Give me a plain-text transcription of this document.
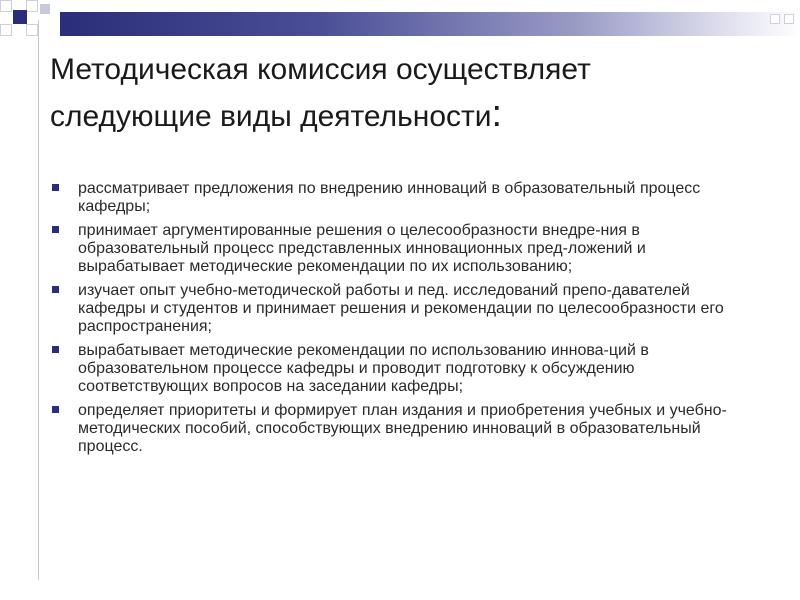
Методическая комиссия осуществляет
следующие виды деятельности:
рассматривает предложения по внедрению инноваций в образовательный процесс кафедры;
принимает аргументированные решения о целесообразности внедре-ния в образовательный процесс представленных инновационных пред-ложений и вырабатывает методические рекомендации по их использованию;
изучает опыт учебно-методической работы и пед. исследований препо-давателей кафедры и студентов и принимает решения и рекомендации по целесообразности его распространения;
вырабатывает методические рекомендации по использованию иннова-ций в образовательном процессе кафедры и проводит подготовку к обсуждению соответствующих вопросов на заседании кафедры;
определяет приоритеты и формирует план издания и приобретения учебных и учебно-методических пособий, способствующих внедрению инноваций в образовательный процесс.
